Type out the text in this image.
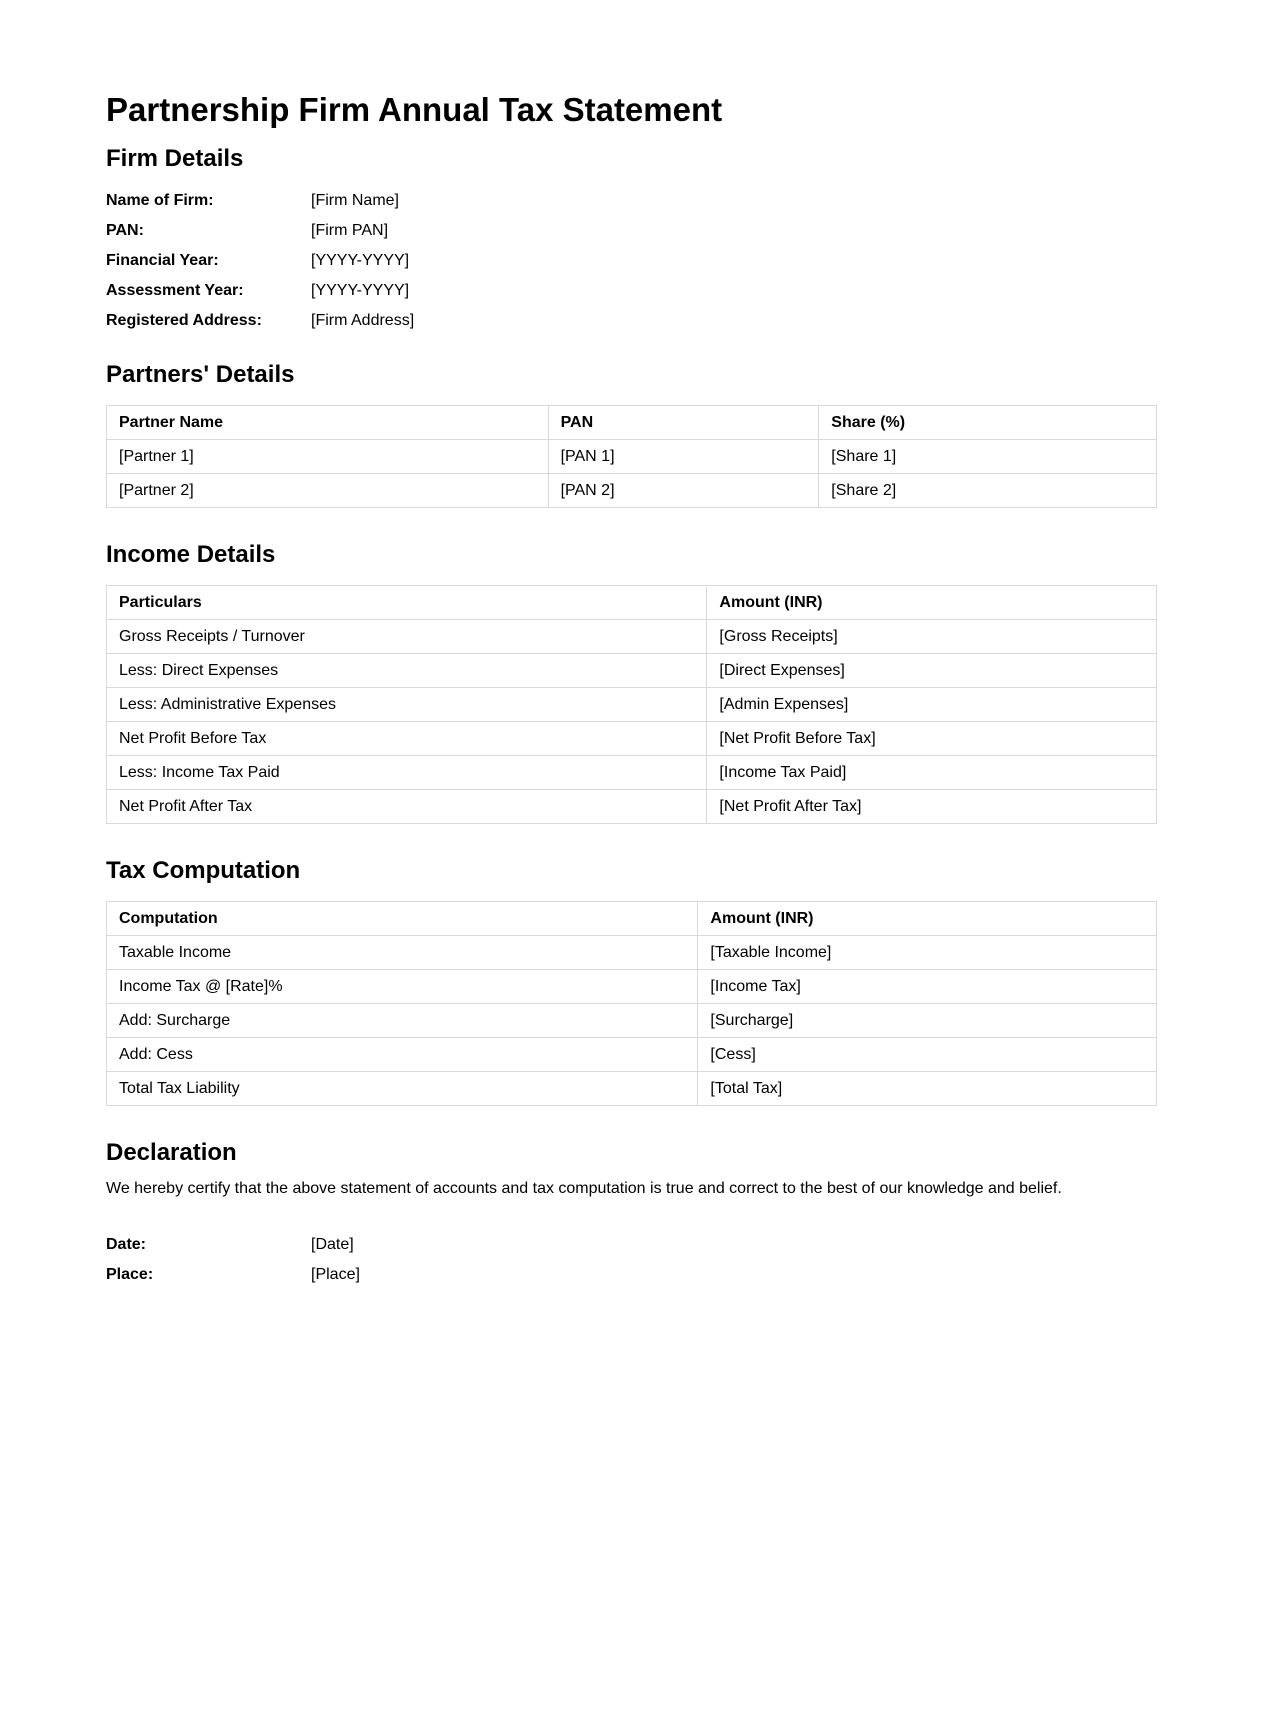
Partnership Firm Annual Tax Statement
Firm Details
Name of Firm:	[Firm Name]
PAN:	[Firm PAN]
Financial Year:	[YYYY-YYYY]
Assessment Year:	[YYYY-YYYY]
Registered Address:	[Firm Address]
Partners' Details
Partner Name	PAN	Share (%)
[Partner 1]	[PAN 1]	[Share 1]
[Partner 2]	[PAN 2]	[Share 2]
Income Details
Particulars	Amount (INR)
Gross Receipts / Turnover	[Gross Receipts]
Less: Direct Expenses	[Direct Expenses]
Less: Administrative Expenses	[Admin Expenses]
Net Profit Before Tax	[Net Profit Before Tax]
Less: Income Tax Paid	[Income Tax Paid]
Net Profit After Tax	[Net Profit After Tax]
Tax Computation
Computation	Amount (INR)
Taxable Income	[Taxable Income]
Income Tax @ [Rate]%	[Income Tax]
Add: Surcharge	[Surcharge]
Add: Cess	[Cess]
Total Tax Liability	[Total Tax]
Declaration
We hereby certify that the above statement of accounts and tax computation is true and correct to the best of our knowledge and belief.
Date:	[Date]
Place:	[Place]
